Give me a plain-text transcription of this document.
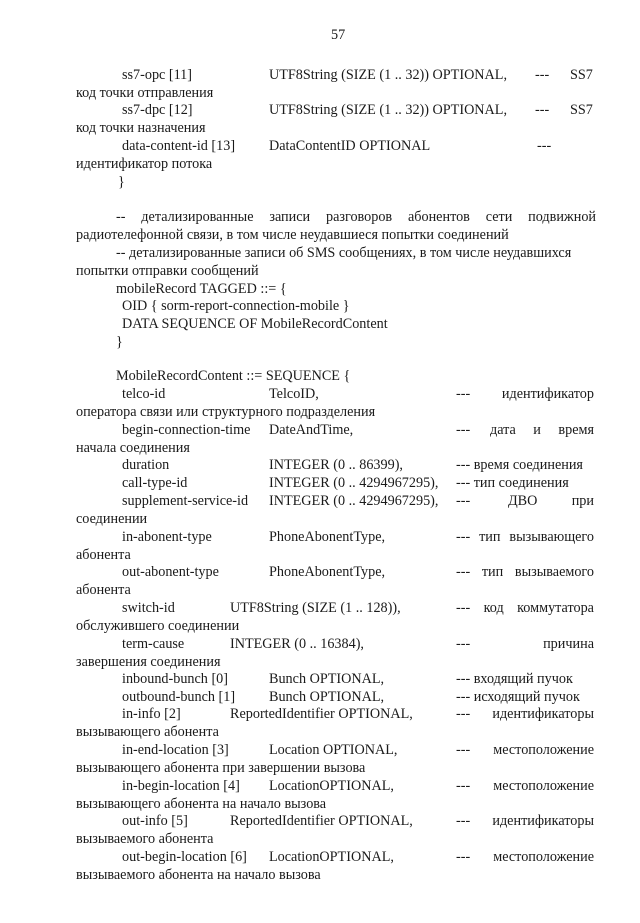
57
ss7-opc [11]	UTF8String (SIZE (1 .. 32)) OPTIONAL, --- SS7
код точки отправления
ss7-dpc [12]	UTF8String (SIZE (1 .. 32)) OPTIONAL, --- SS7
код точки назначения
data-content-id [13] DataContentID OPTIONAL	---
идентификатор потока
}
-- детализированные записи разговоров абонентов сети подвижной
радиотелефонной связи, в том числе неудавшиеся попытки соединений
-- детализированные записи об SMS сообщениях, в том числе неудавшихся
попытки отправки сообщений
mobileRecord TAGGED ::= {
OID { sorm-report-connection-mobile }
DATA SEQUENCE OF MobileRecordContent
}
MobileRecordContent ::= SEQUENCE {
telco-id	TelcoID,	---	идентификатор
оператора связи или структурного подразделения
begin-connection-time DateAndTime,	--- дата и время
начала соединения
duration	INTEGER (0 .. 86399),	--- время соединения
call-type-id	INTEGER (0 .. 4294967295), --- тип соединения
supplement-service-id INTEGER (0 .. 4294967295), ---	ДВО при
соединении
in-abonent-type	PhoneAbonentType,	--- тип вызывающего
абонента
out-abonent-type	PhoneAbonentType,	--- тип вызываемого
абонента
switch-id	UTF8String (SIZE (1 .. 128)),	--- код коммутатора
обслужившего соединении
term-cause	INTEGER (0 .. 16384),	---	причина
завершения соединения
inbound-bunch [0]	Bunch OPTIONAL,	--- входящий пучок
outbound-bunch [1] Bunch OPTIONAL,	--- исходящий пучок
in-info [2]	ReportedIdentifier OPTIONAL,	---	идентификаторы
вызывающего абонента
in-end-location [3]	Location OPTIONAL,	---	местоположение
вызывающего абонента при завершении вызова
in-begin-location [4] LocationOPTIONAL,	---	местоположение
вызывающего абонента на начало вызова
out-info [5]	ReportedIdentifier OPTIONAL,	---	идентификаторы
вызываемого абонента
out-begin-location [6] LocationOPTIONAL,	---	местоположение
вызываемого абонента на начало вызова
